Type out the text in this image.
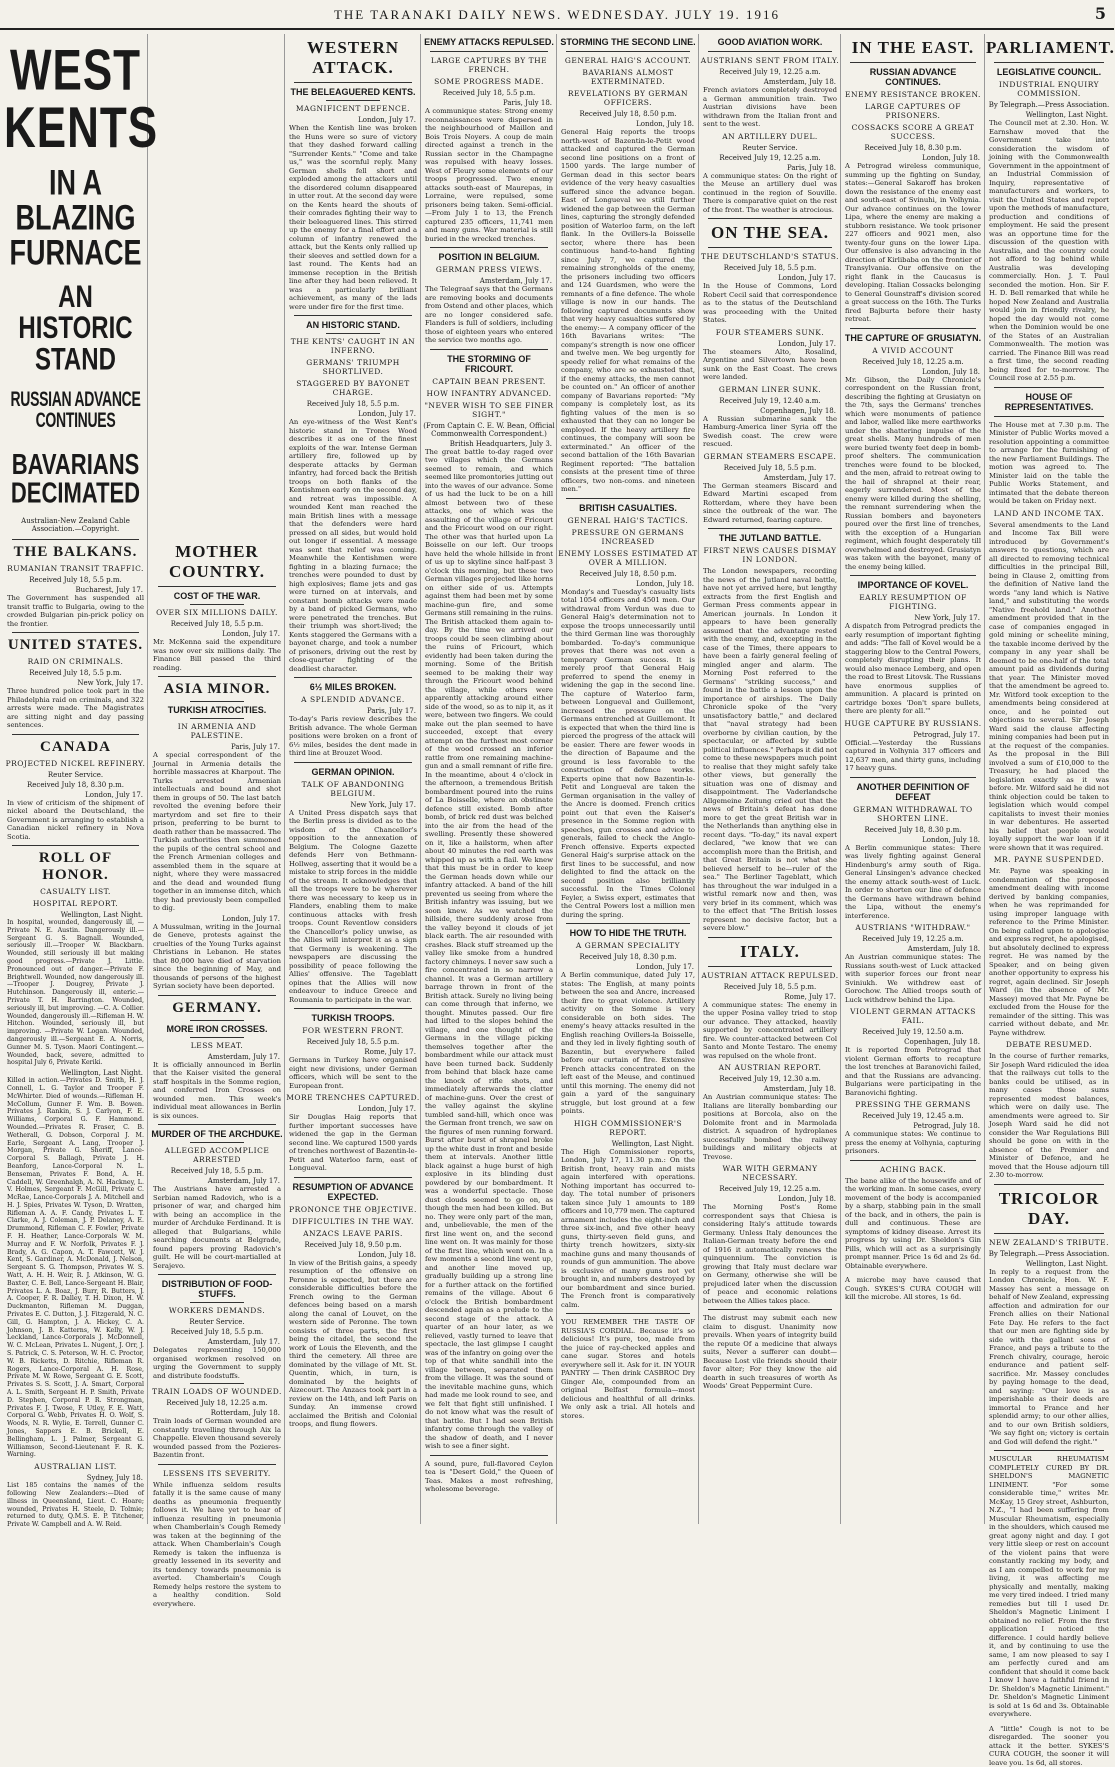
THE TARANAKI DAILY NEWS. WEDNESDAY. JULY 19. 1916	5
WEST KENTS
IN A BLAZING FURNACE
AN HISTORIC STAND
RUSSIAN ADVANCE CONTINUES
BAVARIANS DECIMATED
Australian-New Zealand Cable Association.—Copyright.
THE BALKANS.
RUMANIAN TRANSIT TRAFFIC.
Received July 18, 5.5 p.m.
Bucharest, July 17.
The Government has suspended all transit traffic to Bulgaria, owing to the crowded Bulgarian pin-prick policy on the frontier.
UNITED STATES.
RAID ON CRIMINALS.
Received July 18, 5.5 p.m.
New York, July 17.
Three hundred police took part in the Philadelphia raid on criminals, and 322 arrests were made. The Magistrates are sitting night and day passing sentences.
CANADA
PROJECTED NICKEL REFINERY.
Reuter Service.
Received July 18, 8.30 p.m.
London, July 17.
In view of criticism of the shipment of nickel aboard the Deutschland, the Government is arranging to establish a Canadian nickel refinery in Nova Scotia.
ROLL OF HONOR.
CASUALTY LIST.
HOSPITAL REPORT.
Wellington, Last Night.
In hospital, wounded, dangerously ill, —Private N. E. Austin. Dangerously ill.—Sergeant G. S. Bagnall. Wounded, seriously ill.—Trooper W. Blackbarn. Wounded, still seriously ill but making good progress.—Private J. Little. Pronounced out of danger.—Private F. Brightwell. Wounded, now dangerously ill.—Trooper J. Dougrey, Private J. Hutchinson. Dangerously ill, enteric.—Private T. H. Barrington. Wounded, seriously ill, but improving. —C. A. Collier. Wounded, dangerously ill.—Rifleman H. W. Hitchon. Wounded, seriously ill, but improving. —Private W. Logan. Wounded, dangerously ill.—Sergeant E. A. Norris, Gunner M. S. Tyson. Maori Contingent.—Wounded, back, severe, admitted to hospital July 6, Private Keriki.
Wellington, Last Night.
Killed in action.—Privates D. Smith, H. J. Connell, L. G. Taylor and Trooper F. McWhirter. Died of wounds.—Rifleman H. McCollum, Gunner F. Wm. B. Bowen. Privates J. Rankin, S. J. Carlyon, F. E. Williams, Corporal G. F. Hammond. Wounded.—Privates R. Fraser, C. B. Wetherall, G. Dobson, Corporal J. M. Earle, Sergeant A. Lang, Trooper J. Morgan, Private G. Sheriff, Lance-Corporal S. Ballagh, Private J. H. Beanforg, Lance-Corporal N. L. Benseman, Privates F. Bond, A. H. Caddell, W. Greenhalgh, A. N. Hackney, L. V. Holmes, Sergeant F. McGill, Private C. McRae, Lance-Corporals J. A. Mitchell and H. J. Spies, Privates W. Tyson, D. Wratten, Rifleman A. A. F. Candy, Privates L. T. Clarke, A. J. Coleman, J. P. Delaney, A. E. Drummond, Rifleman C. F. Fowler, Private F. H. Heather, Lance-Corporals W. M. Murray and F. W. Norfolk, Privates F. J. Brady, A. G. Capon, A. T. Fawcett, W. J. Kent, S. Gardiner, A. McDonald, J. Nelson, Sergeant S. G. Thompson, Privates W. S. Watt, A. H. H. Weir, R. J. Atkinson, W. G. Baxter, C. E. Bell, Lance-Sergeant H. Blair, Privates L. A. Boaz, J. Burr, R. Butters, J. A. Cooper, F. R. Dalley, T. H. Dixon, H. W. Duckmanton, Rifleman M. Duggan, Privates E. C. Dutton, J. J. Fitzgerald, N. C. Gill, G. Hampton, J. A. Hickey, C. A. Johnson, J. B. Katterns, W. Kelly, W. J. Leckland, Lance-Corporals J. McDonnell, W. C. McLean, Privates L. Nugent, J. Orr, J. S. Patrick, C. S. Peterson, W. H. C. Proctor, W. B. Ricketts, D. Ritchie, Rifleman R. Rogers, Lance-Corporal A. H. Rose, Private M. W. Rowe, Sergeant G. E. Scott, Privates S. S. Scott, J. A. Smart, Corporal A. L. Smith, Sergeant H. P. Smith, Private D. Stephen, Corporal P. R. Strongman, Privates F. J. Twose, F. Utley, F. E. Watt, Corporal G. Webb, Privates H. O. Wolf, S. Woods, N. R. Wylie, E. Terrell, Gunner C. Jones, Sappers E. B. Brickell, E. Bellingham, L. J. Palmer, Sergeant G. Williamson, Second-Lieutenant F. R. K. Warning.
AUSTRALIAN LIST.
Sydney, July 18.
List 185 contains the names of the following New Zealanders:—Died of illness in Queensland, Lieut. C. Hoare; wounded, Privates H. Steele, D. Tolmie; returned to duty, Q.M.S. E. P. Titchener, Private W. Campbell and A. W. Reid.
MOTHER COUNTRY.
COST OF THE WAR.
OVER SIX MILLIONS DAILY.
Received July 18, 5.5 p.m.
London, July 17.
Mr. McKenna said the expenditure was now over six millions daily. The Finance Bill passed the third reading.
ASIA MINOR.
TURKISH ATROCITIES.
IN ARMENIA AND PALESTINE.
Paris, July 17.
A special correspondent of the Journal in Armenia details the horrible massacres at Kharpout. The Turks arrested Armenian intellectuals and bound and shot them in groups of 50. The last batch revolted the evening before their martyrdom and set fire to their prison, preferring to be burnt to death rather than be massacred. The Turkish authorities then summoned the pupils of the central school and the French Armenian colleges and assembled them in the square at night, where they were massacred and the dead and wounded flung together in an immense ditch, which they had previously been compelled to dig.
London, July 17.
A Mussulman, writing in the Journal de Geneve, protests against the cruelties of the Young Turks against Christians in Lebanon. He states that 80,000 have died of starvation since the beginning of May, and thousands of persons of the highest Syrian society have been deported.
GERMANY.
MORE IRON CROSSES.
LESS MEAT.
Amsterdam, July 17.
It is officially announced in Berlin that the Kaiser visited the general staff hospitals in the Somme region, and conferred Iron Crosses on wounded men. This week's individual meat allowances in Berlin is six ounces.
MURDER OF THE ARCHDUKE.
ALLEGED ACCOMPLICE ARRESTED
Received July 18, 5.5 p.m.
Amsterdam, July 17.
The Austrians have arrested a Serbian named Radovich, who is a prisoner of war, and charged him with being an accomplice in the murder of Archduke Ferdinand. It is alleged that Bulgarians, while searching documents at Belgrade, found papers proving Radovich's guilt. He will be court-martialled at Serajevo.
DISTRIBUTION OF FOOD-STUFFS.
WORKERS DEMANDS.
Reuter Service.
Received July 18, 5.5 p.m.
Amsterdam, July 17.
Delegates representing 150,000 organised workmen resolved on urging the Government to supply and distribute foodstuffs.
TRAIN LOADS OF WOUNDED.
Received July 18, 12.25 a.m.
Rotterdam, July 18.
Train loads of German wounded are constantly travelling through Aix la Chappelle. Eleven thousand severely wounded passed from the Pozieres-Bazentin front.
LESSENS ITS SEVERITY.
While influenza seldom results fatally it is the same cause of many deaths as pneumonia frequently follows it. We have yet to hear of influenza resulting in pneumonia when Chamberlain's Cough Remedy was taken at the beginning of the attack. When Chamberlain's Cough Remedy is taken the influenza is greatly lessened in its severity and its tendency towards pneumonia is averted. Chamberlain's Cough Remedy helps restore the system to a healthy condition. Sold everywhere.
WESTERN ATTACK.
THE BELEAGUERED KENTS.
MAGNIFICENT DEFENCE.
London, July 17.
When the Kentish line was broken the Huns were so sure of victory that they dashed forward calling "Surrender Kents." "Come and take us," was the scornful reply. Many German shells fell short and exploded among the attackers until the disordered column disappeared in utter rout. At the second day were on the Kents heard the shouts of their comrades fighting their way to their beleaguered lines. This stirred up the enemy for a final effort and a column of infantry renewed the attack, but the Kents only rallied up their sleeves and settled down for a last round. The Kents had an immense reception in the British line after they had been relieved. It was a particularly brilliant achievement, as many of the lads were under fire for the first time.
AN HISTORIC STAND.
THE KENTS' CAUGHT IN AN INFERNO.
GERMANS' TRIUMPH SHORTLIVED.
STAGGERED BY BAYONET CHARGE.
Received July 18, 5.5 p.m.
London, July 17.
An eye-witness of the West Kent's historic stand in Trones Wood describes it as one of the finest exploits of the war. Intense German artillery fire, followed up by desperate attacks by German infantry, had forced back the British troops on both flanks of the Kentishmen early on the second day, and retreat was impossible. A wounded Kent man reached the main British lines with a message that the defenders were hard pressed on all sides, but would hold out longer if essential. A message was sent that relief was coming. Meanwhile the Kentishmen were fighting in a blazing furnace; the trenches were pounded to dust by high explosives; flame jets and gas were turned on at intervals, and constant bomb attacks were made by a band of picked Germans, who were penetrated the trenches. But their triumph was short-lived; the Kents staggered the Germans with a bayonet charge, and took a number of prisoners, driving out the rest by close-quarter fighting of the deadliest character.
6½ MILES BROKEN.
A SPLENDID ADVANCE.
Paris, July 17.
To-day's Paris review describes the British advance. The whole German positions were broken on a front of 6½ miles, besides the dent made in third line at Brouzet Wood.
GERMAN OPINION.
TALK OF ABANDONING BELGIUM.
New York, July 17.
A United Press dispatch says that the Berlin press is divided as to the wisdom of the Chancellor's opposition to the annexation of Belgium. The Cologne Gazette defends Herr von Bethmann-Hollweg, asserting that it would be a mistake to strip forces in the middle of the stream. It acknowledges that all the troops were to be wherever there was necessary to keep us in Flanders, enabling them to make continuous attacks with fresh troops. Count Reventlow considers the Chancellor's policy unwise, as the Allies will interpret it as a sign that Germany is weakening. The newspapers are discussing the possibility of peace following the Allies' offensive. The Tageblatt opines that the Allies will now endeavour to induce Greece and Roumania to participate in the war.
TURKISH TROOPS.
FOR WESTERN FRONT.
Received July 18, 5.5 p.m.
Rome, July 17.
Germans in Turkey have organised eight new divisions, under German officers, which will be sent to the European front.
MORE TRENCHES CAPTURED.
London, July 17.
Sir Douglas Haig reports that further important successes have widened the gap in the German second line. We captured 1500 yards of trenches northwest of Bazentin-le-Petit and Waterloo farm, east of Longueval.
RESUMPTION OF ADVANCE EXPECTED.
PRONONCE THE OBJECTIVE.
DIFFICULTIES IN THE WAY.
ANZACS LEAVE PARIS.
Received July 18, 9.50 p.m.
London, July 18.
In view of the British gains, a speedy resumption of the offensive on Peronne is expected, but there are considerable difficulties before the French owing to the German defences being based on a marsh along the canal of Louvet, on the western side of Peronne. The town consists of three parts, the first being the citadel, the second the work of Louis the Eleventh, and the third the cemetery. All three are dominated by the village of Mt. St. Quentin, which, in turn, is dominated by the heights of Aizecourt. The Anzacs took part in a review on the 14th, and left Paris on Sunday. An immense crowd acclaimed the British and Colonial troops, and flung flowers.
ENEMY ATTACKS REPULSED.
LARGE CAPTURES BY THE FRENCH.
SOME PROGRESS MADE.
Received July 18, 5.5 p.m.
Paris, July 18.
A communique states: Strong enemy reconnaissances were dispersed in the neighbourhood of Maillon and Bois Trois Noyers. A coup de main directed against a trench in the Russian sector in the Champagne was repulsed with heavy losses. West of Fleury some elements of our troops progressed. Two enemy attacks south-east of Maurepas, in Lorraine, were repulsed, some prisoners being taken. Semi-official.—From July 1 to 13, the French captured 235 officers, 11,741 men and many guns. War material is still buried in the wrecked trenches.
POSITION IN BELGIUM.
GERMAN PRESS VIEWS.
Amsterdam, July 17.
The Telegraaf says that the Germans are removing books and documents from Ostend and other places, which are no longer considered safe. Flanders is full of soldiers, including those of eighteen years who entered the service two months ago.
THE STORMING OF FRICOURT.
CAPTAIN BEAN PRESENT.
HOW INFANTRY ADVANCED.
"NEVER WISH TO SEE FINER SIGHT."
(From Captain C. E. W. Bean, Official Commonwealth Correspondent.)
British Headquarters, July 3.
The great battle to-day raged over two villages which the Germans seemed to remain, and which seemed like promontories jutting out into the waves of our advance. Some of us had the luck to be on a hill almost between two of these attacks, one of which was the assaulting of the village of Fricourt and the Fricourt wood on our right. The other was that hurled upon La Boisselle on our left. Our troops have held the whole hillside in front of us up to skyline since half-past 3 o'clock this morning, but these two German villages projected like horns on either side of us. Attempts against them had been met by some machine-gun fire, and some Germans still remaining in the ruins. The British attacked them again to-day. By the time we arrived our troops could be seen climbing about the ruins of Fricourt, which evidently had been taken during the morning. Some of the British seemed to be making their way through the Fricourt wood behind the village, while others were apparently attacking around either side of the wood, so as to nip it, as it were, between two fingers. We could make out the plan seemed to have succeeded, except that every attempt on the furthest most corner of the wood crossed an inferior rattle from one remaining machine-gun and a small remnant of rifle fire. In the meantime, about 4 o'clock in the afternoon, a tremendous British bombardment poured into the ruins of La Boisselle, where an obstinate defence still existed. Bomb after bomb, of brick red dust was belched into the air from the head of the swelling. Presently these showered on it, like a hailstorm, when after about 40 minutes the red earth was whipped up as with a flail. We knew that this must be in order to keep the German heads down while our infantry attacked. A band of the hill prevented us seeing from where the British infantry was issuing, but we soon knew. As we watched the hillside, there suddenly arose from the valley beyond it clouds of jet black earth. The air resounded with crashes. Black stuff streamed up the valley like smoke from a hundred factory chimneys. I never saw such a fire concentrated in so narrow a channel. It was a German artillery barrage thrown in front of the British attack. Surely no living being can come through that inferno, we thought. Minutes passed. Our fire had lifted to the slopes behind the village, and one thought of the Germans in the village picking themselves together after the bombardment while our attack must have been turned back. Suddenly from behind that black haze came the knock of rifle shots, and immediately afterwards the clatter of machine-guns. Over the crest of the valley against the skyline tumbled sand-hill, which once was the German front trench, we saw on the figures of men running forward. Burst after burst of shrapnel broke up the white dust in front and beside them at intervals. Another little black against a huge burst of high explosive in its blinding dust powdered by our bombardment. It was a wonderful spectacle. Those dust clouds seemed to go on, as though the men had been killed. But no. They were only part of the man, and, unbelievable, the men of the first line went on, and the second line went on. It was mainly for those of the first line, which went on. In a few moments a second line went up, and another line moved up, gradually building up a strong line for a further attack on the fortified remains of the village. About 6 o'clock the British bombardment descended again as a prelude to the second stage of the attack. A quarter of an hour later, as we relieved, vastly turned to leave that spectacle, the last glimpse I caught was of the infantry on going over the top of that white sandhill into the village between, separated them from the village. It was the sound of the inevitable machine guns, which had made me look round to see, and we felt that fight still unfinished. I do not know what was the result of that battle. But I had seen British infantry come through the valley of the shadow of death, and I never wish to see a finer sight.
A sound, pure, full-flavored Ceylon tea is "Desert Gold," the Queen of Teas. Makes a most refreshing, wholesome beverage.
STORMING THE SECOND LINE.
GENERAL HAIG'S ACCOUNT.
BAVARIANS ALMOST EXTERMINATED.
REVELATIONS BY GERMAN OFFICERS.
Received July 18, 8.50 p.m.
London, July 18.
General Haig reports the troops north-west of Bazentin-le-Petit wood attacked and captured the German second line positions on a front of 1500 yards. The large number of German dead in this sector bears evidence of the very heavy casualties suffered since the advance began. East of Longueval we still further widened the gap between the German lines, capturing the strongly defended position of Waterloo farm, on the left flank. In the Ovillers-la Boisselle sector, where there has been continuous hand-to-hand fighting since July 7, we captured the remaining strongholds of the enemy, the prisoners including two officers and 124 Guardsmen, who were the remnants of a fine defence. The whole village is now in our hands. The following captured documents show that very heavy casualties suffered by the enemy:— A company officer of the 16th Bavarians writes: "The company's strength is now one officer and twelve men. We beg urgently for speedy relief for what remains of the company, who are so exhausted that, if the enemy attacks, the men cannot be counted on." An officer of another company of Bavarians reported: "My company is completely lost, as its fighting values of the men is so exhausted that they can no longer be employed. If the heavy artillery fire continues, the company will soon be exterminated." An officer of the second battalion of the 16th Bavarian Regiment reported: "The battalion consists at the present time of three officers, two non-coms. and nineteen men."
BRITISH CASUALTIES.
GENERAL HAIG'S TACTICS.
PRESSURE ON GERMANS INCREASED
ENEMY LOSSES ESTIMATED AT OVER A MILLION.
Received July 18, 8.50 p.m.
London, July 18.
Monday's and Tuesday's casualty lists total 1054 officers and 4501 men. Our withdrawal from Verdun was due to General Haig's determination not to expose the troops unnecessarily until the third German line was thoroughly bombarded. To-day's communique proves that there was not even a temporary German success. It is merely proof that General Haig preferred to spend the enemy in widening the gap in the second line. The capture of Waterloo farm, between Longueval and Guillemont, increased the pressure on the Germans entrenched at Guillemont. It is expected that when the third line is pierced the progress of the attack will be easier. There are fewer woods in the direction of Bapaume and the ground is less favorable to the construction of defence works. Experts opine that now Bazentin-le-Petit and Longueval are taken the German organisation in the valley of the Ancre is doomed. French critics point out that even the Kaiser's presence in the Somme region with speeches, gun crosses and advice to generals, failed to check the Anglo-French offensive. Experts expected General Haig's surprise attack on the first lines to be successful, and now delighted to find the attack on the second position also brilliantly successful. In the Times Colonel Feyler, a Swiss expert, estimates that the Central Powers lost a million men during the spring.
HOW TO HIDE THE TRUTH.
A GERMAN SPECIALITY
Received July 18, 8.30 p.m.
London, July 17.
A Berlin communique, dated July 17, states: The English, at many points between the sea and Ancre, increased their fire to great violence. Artillery activity on the Somme is very considerable on both sides. The enemy's heavy attacks resulted in the English reaching Ovillers-la Boisselle, and they led in lively fighting south of Bazentin, but everywhere failed before our curtain of fire. Extensive French attacks concentrated on the left east of the Meuse, and continued until this morning. The enemy did not gain a yard of the sanguinary struggle, but lost ground at a few points.
HIGH COMMISSIONER'S REPORT.
Wellington, Last Night.
The High Commissioner reports, London, July 17, 11.30 p.m.: On the British front, heavy rain and mists again interfered with operations. Nothing important has occurred to-day. The total number of prisoners taken since July 1 amounts to 189 officers and 10,779 men. The captured armament includes the eight-inch and three six-inch, and five other heavy guns, thirty-seven field guns, and thirty trench howitzers, sixty-six machine guns and many thousands of rounds of gun ammunition. The above is exclusive of many guns not yet brought in, and numbers destroyed by our bombardment and since buried. The French front is comparatively calm.
YOU REMEMBER THE TASTE OF RUSSIA'S CORDIAL. Because it's so delicious! It's pure, too, made from the juice of ray-checked apples and cane sugar. Stores and hotels everywhere sell it. Ask for it. IN YOUR PANTRY — Then drink CASBROC Dry Ginger Ale, compounded from an original Belfast formula—most delicious and healthful of all drinks. We only ask a trial. All hotels and stores.
GOOD AVIATION WORK.
AUSTRIANS SENT FROM ITALY.
Received July 19, 12.25 a.m.
Amsterdam, July 18.
French aviators completely destroyed a German ammunition train. Two Austrian divisions have been withdrawn from the Italian front and sent to the west.
AN ARTILLERY DUEL.
Reuter Service.
Received July 19, 12.25 a.m.
Paris, July 18.
A communique states: On the right of the Meuse an artillery duel was continued in the region of Souville. There is comparative quiet on the rest of the front. The weather is atrocious.
ON THE SEA.
THE DEUTSCHLAND'S STATUS.
Received July 18, 5.5 p.m.
London, July 17.
In the House of Commons, Lord Robert Cecil said that correspondence as to the status of the Deutschland was proceeding with the United States.
FOUR STEAMERS SUNK.
London, July 17.
The steamers Alto, Rosalind, Argentine and Silvertown have been sunk on the East Coast. The crews were landed.
GERMAN LINER SUNK.
Received July 19, 12.40 a.m.
Copenhagen, July 18.
A Russian submarine sank the Hamburg-America liner Syria off the Swedish coast. The crew were rescued.
GERMAN STEAMERS ESCAPE.
Received July 18, 5.5 p.m.
Amsterdam, July 17.
The German steamers Biscard and Edward Martini escaped from Rotterdam, where they have been since the outbreak of the war. The Edward returned, fearing capture.
THE JUTLAND BATTLE.
FIRST NEWS CAUSES DISMAY IN LONDON.
The London newspapers, recording the news of the Jutland naval battle, have not yet arrived here, but lengthy extracts from the first English and German Press comments appear in American journals. In London it appears to have been generally assumed that the advantage rested with the enemy, and, excepting in the case of the Times, there appears to have been a fairly general feeling of mingled anger and alarm. The Morning Post referred to the Germans' "striking success," and found in the battle a lesson upon the importance of airships. The Daily Chronicle spoke of the "very unsatisfactory battle," and declared that "naval strategy had been overborne by civilian caution, by the spectacular, or affected by subtle political influences." Perhaps it did not come to these newspapers much point to realise that they might safely take other views, but generally the situation was one of dismay and disappointment. The Vaderlandsche Allgemeine Zeitung cried out that the news of Britain's defeat has done more to get the great British war in the Netherlands than anything else in recent days. "To-day," its naval expert declared, "we know that we can accomplish more than the British, and that Great Britain is not what she believed herself to be—ruler of the sea." The Berliner Tageblatt, which has throughout the war indulged in a wistful remark now and then, was very brief in its comment, which was to the effect that "The British losses represent no decisive factor, but a severe blow."
ITALY.
AUSTRIAN ATTACK REPULSED.
Received July 18, 5.5 p.m.
Rome, July 17.
A communique states: The enemy in the upper Posina valley tried to stop our advance. They attacked, heavily supported by concentrated artillery fire. We counter-attacked between Col Santo and Monte Testaro. The enemy was repulsed on the whole front.
AN AUSTRIAN REPORT.
Received July 19, 12.30 a.m.
Amsterdam, July 18.
An Austrian communique states: The Italians are literally bombarding our positions at Borcola, also on the Dolomite front and in Marmolada district. A squadron of hydroplanes successfully bombed the railway buildings and military objects at Trevose.
WAR WITH GERMANY NECESSARY.
Received July 19, 12.25 a.m.
London, July 18.
The Morning Post's Rome correspondent says that Chiesa is considering Italy's attitude towards Germany. Unless Italy denounces the Italian-German treaty before the end of 1916 it automatically renews the quinquennium. The conviction is growing that Italy must declare war on Germany, otherwise she will be prejudiced later when the discussion of peace and economic relations between the Allies takes place.
The distrust may submit each new claim to disgust. Unanimity now prevails. When years of integrity build the repute Of a medicine that always suits, Never a sufferer can doubt— Because Lost vile friends should their favor alter; For they know the aid dearth in such treasures of worth As Woods' Great Peppermint Cure.
IN THE EAST.
RUSSIAN ADVANCE CONTINUES.
ENEMY RESISTANCE BROKEN.
LARGE CAPTURES OF PRISONERS.
COSSACKS SCORE A GREAT SUCCESS.
Received July 18, 8.30 p.m.
London, July 18.
A Petrograd wireless communique, summing up the fighting on Sunday, states:—General Sakaroff has broken down the resistance of the enemy east and south-east of Svinuhi, in Volhynia. Our advance continues on the lower Lipa, where the enemy are making a stubborn resistance. We took prisoner 227 officers and 9021 men, also twenty-four guns on the lower Lipa. Our offensive is also advancing in the direction of Kirlibaba on the frontier of Transylvania. Our offensive on the right flank in the Caucasus is developing. Italian Cossacks belonging to General Gounstraff's division scored a great success on the 16th. The Turks fired Bajburta before their hasty retreat.
THE CAPTURE OF GRUSIATYN.
A VIVID ACCOUNT
Received July 18, 12.25 a.m.
London, July 18.
Mr. Gibson, the Daily Chronicle's correspondent on the Russian front, describing the fighting at Grusiatyn on the 7th, says the Germans' trenches which were monuments of patience and labor, walled like mere earthworks under the shattering impulse of the great shells. Many hundreds of men were buried twenty feet deep in bomb-proof shelters. The communication trenches were found to be blocked, and the men, afraid to retreat owing to the hail of shrapnel at their rear, eagerly surrendered. Most of the enemy were killed during the shelling, the remnant surrendering when the Russian bombers and bayoneters poured over the first line of trenches, with the exception of a Hungarian regiment, which fought desperately till overwhelmed and destroyed. Grusiatyn was taken with the bayonet, many of the enemy being killed.
IMPORTANCE OF KOVEL.
EARLY RESUMPTION OF FIGHTING.
New York, July 17.
A dispatch from Petrograd predicts the early resumption of important fighting and adds: "The fall of Kovel would be a staggering blow to the Central Powers, completely disrupting their plans. It would also menace Lemberg, and open the road to Brest Litovsk. The Russians have enormous supplies of ammunition. A placard is printed on cartridge boxes 'Don't spare bullets, there are plenty for all.'"
HUGE CAPTURE BY RUSSIANS.
Petrograd, July 17.
Official.—Yesterday the Russians captured in Volhynia 317 officers and 12,637 men, and thirty guns, including 17 heavy guns.
ANOTHER DEFINITION OF DEFEAT
GERMAN WITHDRAWAL TO SHORTEN LINE.
Received July 18, 8.30 p.m.
London, July 18.
A Berlin communique states: There was lively fighting against General Hindenburg's army south of Riga. General Linsingen's advance checked the enemy attack south-west of Luck. In order to shorten our line of defence the Germans have withdrawn behind the Lipa, without the enemy's interference.
AUSTRIANS "WITHDRAW."
Received July 19, 12.25 a.m.
Amsterdam, July 18.
An Austrian communique states: The Russians south-west of Luck attacked with superior forces our front near Sviniukh. We withdrew east of Gorochow. The Allied troops south of Luck withdrew behind the Lipa.
VIOLENT GERMAN ATTACKS FAIL.
Received July 19, 12.50 a.m.
Copenhagen, July 18.
It is reported from Petrograd that violent German efforts to recapture the lost trenches at Baranovichi failed, and that the Russians are advancing. Bulgarians were participating in the Baranovichi fighting.
PRESSING THE GERMANS
Received July 19, 12.45 a.m.
Petrograd, July 18.
A communique states: We continue to press the enemy at Volhynia, capturing prisoners.
ACHING BACK.
The bane alike of the housewife and of the working man. In some cases, every movement of the body is accompanied by a sharp, stabbing pain in the small of the back, and in others, the pain is dull and continuous. These are symptoms of kidney disease. Arrest its progress by using Dr. Sheldon's Gin Pills, which will act as a surprisingly prompt manner. Price 1s 6d and 2s 6d. Obtainable everywhere.
A microbe may have caused that Cough. SYKES'S CURA COUGH will kill the microbe. All stores, 1s 6d.
PARLIAMENT.
LEGISLATIVE COUNCIL.
INDUSTRIAL ENQUIRY COMMISSION.
By Telegraph.—Press Association.
Wellington, Last Night.
The Council met at 2.30. Hon. W. Earnshaw moved that the Government take into consideration the wisdom of joining with the Commonwealth Government in the appointment of an Industrial Commission of Inquiry, representative of manufacturers and workers, to visit the United States and report upon the methods of manufacture, production and conditions of employment. He said the present was an opportune time for the discussion of the question with Australia, and the country could not afford to lag behind while Australia was developing commercially. Hon. J. T. Paul seconded the motion. Hon. Sir F. H. D. Bell remarked that while he hoped New Zealand and Australia would join in friendly rivalry, he hoped the day would not come when the Dominion would be one of the States of an Australian Commonwealth. The motion was carried. The Finance Bill was read a first time, the second reading being fixed for to-morrow. The Council rose at 2.55 p.m.
HOUSE OF REPRESENTATIVES.
The House met at 7.30 p.m. The Minister of Public Works moved a resolution appointing a committee to arrange for the furnishing of the new Parliament Buildings. The motion was agreed to. The Minister laid on the table the Public Works Statement, and intimated that the debate thereon would be taken on Friday next.
LAND AND INCOME TAX.
Several amendments to the Land and Income Tax Bill were introduced by Government's answers to questions, which are all directed to removing technical difficulties in the principal Bill, being in Clause 2, omitting from the definition of Native land the words "any land which is Native land," and substituting the words "Native freehold land." Another amendment provided that in the case of companies engaged in gold mining or scheelite mining, the taxable income derived by the company in any year shall be deemed to be one-half of the total amount paid as dividends during that year. The Minister moved that the amendment be agreed to. Mr. Witford took exception to the amendments being considered at once, and he pointed out objections to several. Sir Joseph Ward said the clause affecting mining companies had been put in at the request of the companies. As the proposal in the Bill involved a sum of £10,000 to the Treasury, he had placed the legislation exactly as it was before. Mr. Wilford said he did not think objection could be taken to legislation which would compel capitalists to invest their monies in war debentures. He asserted his belief that people would loyally support the war loan if it were shown that it was required.
MR. PAYNE SUSPENDED.
Mr. Payne was speaking in condemnation of the proposed amendment dealing with income derived by banking companies, when he was reprimanded for using improper language with reference to the Prime Minister. On being called upon to apologise and express regret, he apologised, but absolutely declined to express regret. He was named by the Speaker, and on being given another opportunity to express his regret, again declined. Sir Joseph Ward (in the absence of Mr. Massey) moved that Mr. Payne be excluded from the House for the remainder of the sitting. This was carried without debate, and Mr. Payne withdrew.
DEBATE RESUMED.
In the course of further remarks, Sir Joseph Ward ridiculed the idea that the railways cut tolls to the banks could be utilised, as in many cases those sums represented modest balances, which were on daily use. The amendments were agreed to. Sir Joseph Ward said he did not consider the War Regulations Bill should be gone on with in the absence of the Premier and Minister of Defence, and he moved that the House adjourn till 2.30 to-morrow.
TRICOLOR DAY.
NEW ZEALAND'S TRIBUTE.
By Telegraph.—Press Association.
Wellington, Last Night.
In reply to a request from the London Chronicle, Hon. W. F. Massey has sent a message on behalf of New Zealand, expressing affection and admiration for our French allies on their National Fete Day. He refers to the fact that our men are fighting side by side with the gallant sons of France, and pays a tribute to the French chivalry, courage, heroic endurance and patient self-sacrifice. Mr. Massey concludes by paying homage to the dead, and saying: "Our love is as imperishable as their deeds are immortal to France and her splendid army; to our other allies, and to our own British soldiers, 'We say fight on; victory is certain and God will defend the right.'"
MUSCULAR RHEUMATISM COMPLETELY CURED BY DR. SHELDON'S MAGNETIC LINIMENT. "For some considerable time," writes Mr. McKay, 15 Grey street, Ashburton, N.Z., "I had been suffering from Muscular Rheumatism, especially in the shoulders, which caused me great agony night and day. I got very little sleep or rest on account of the violent pains that were constantly racking my body, and as I am compelled to work for my living, it was affecting me physically and mentally, making me very tired indeed. I tried many remedies but till I used Dr. Sheldon's Magnetic Liniment I obtained no relief. From the first application I noticed the difference. I could hardly believe it, and by continuing to use the same, I am now pleased to say I am perfectly cured and am confident that should it come back I know I have a faithful friend in Dr. Sheldon's Magnetic Liniment." Dr. Sheldon's Magnetic Liniment is sold at 1s 6d and 3s. Obtainable everywhere.
A "little" Cough is not to be disregarded. The sooner you attack it the better. SYKES'S CURA COUGH, the sooner it will leave you. 1s 6d, all stores.
